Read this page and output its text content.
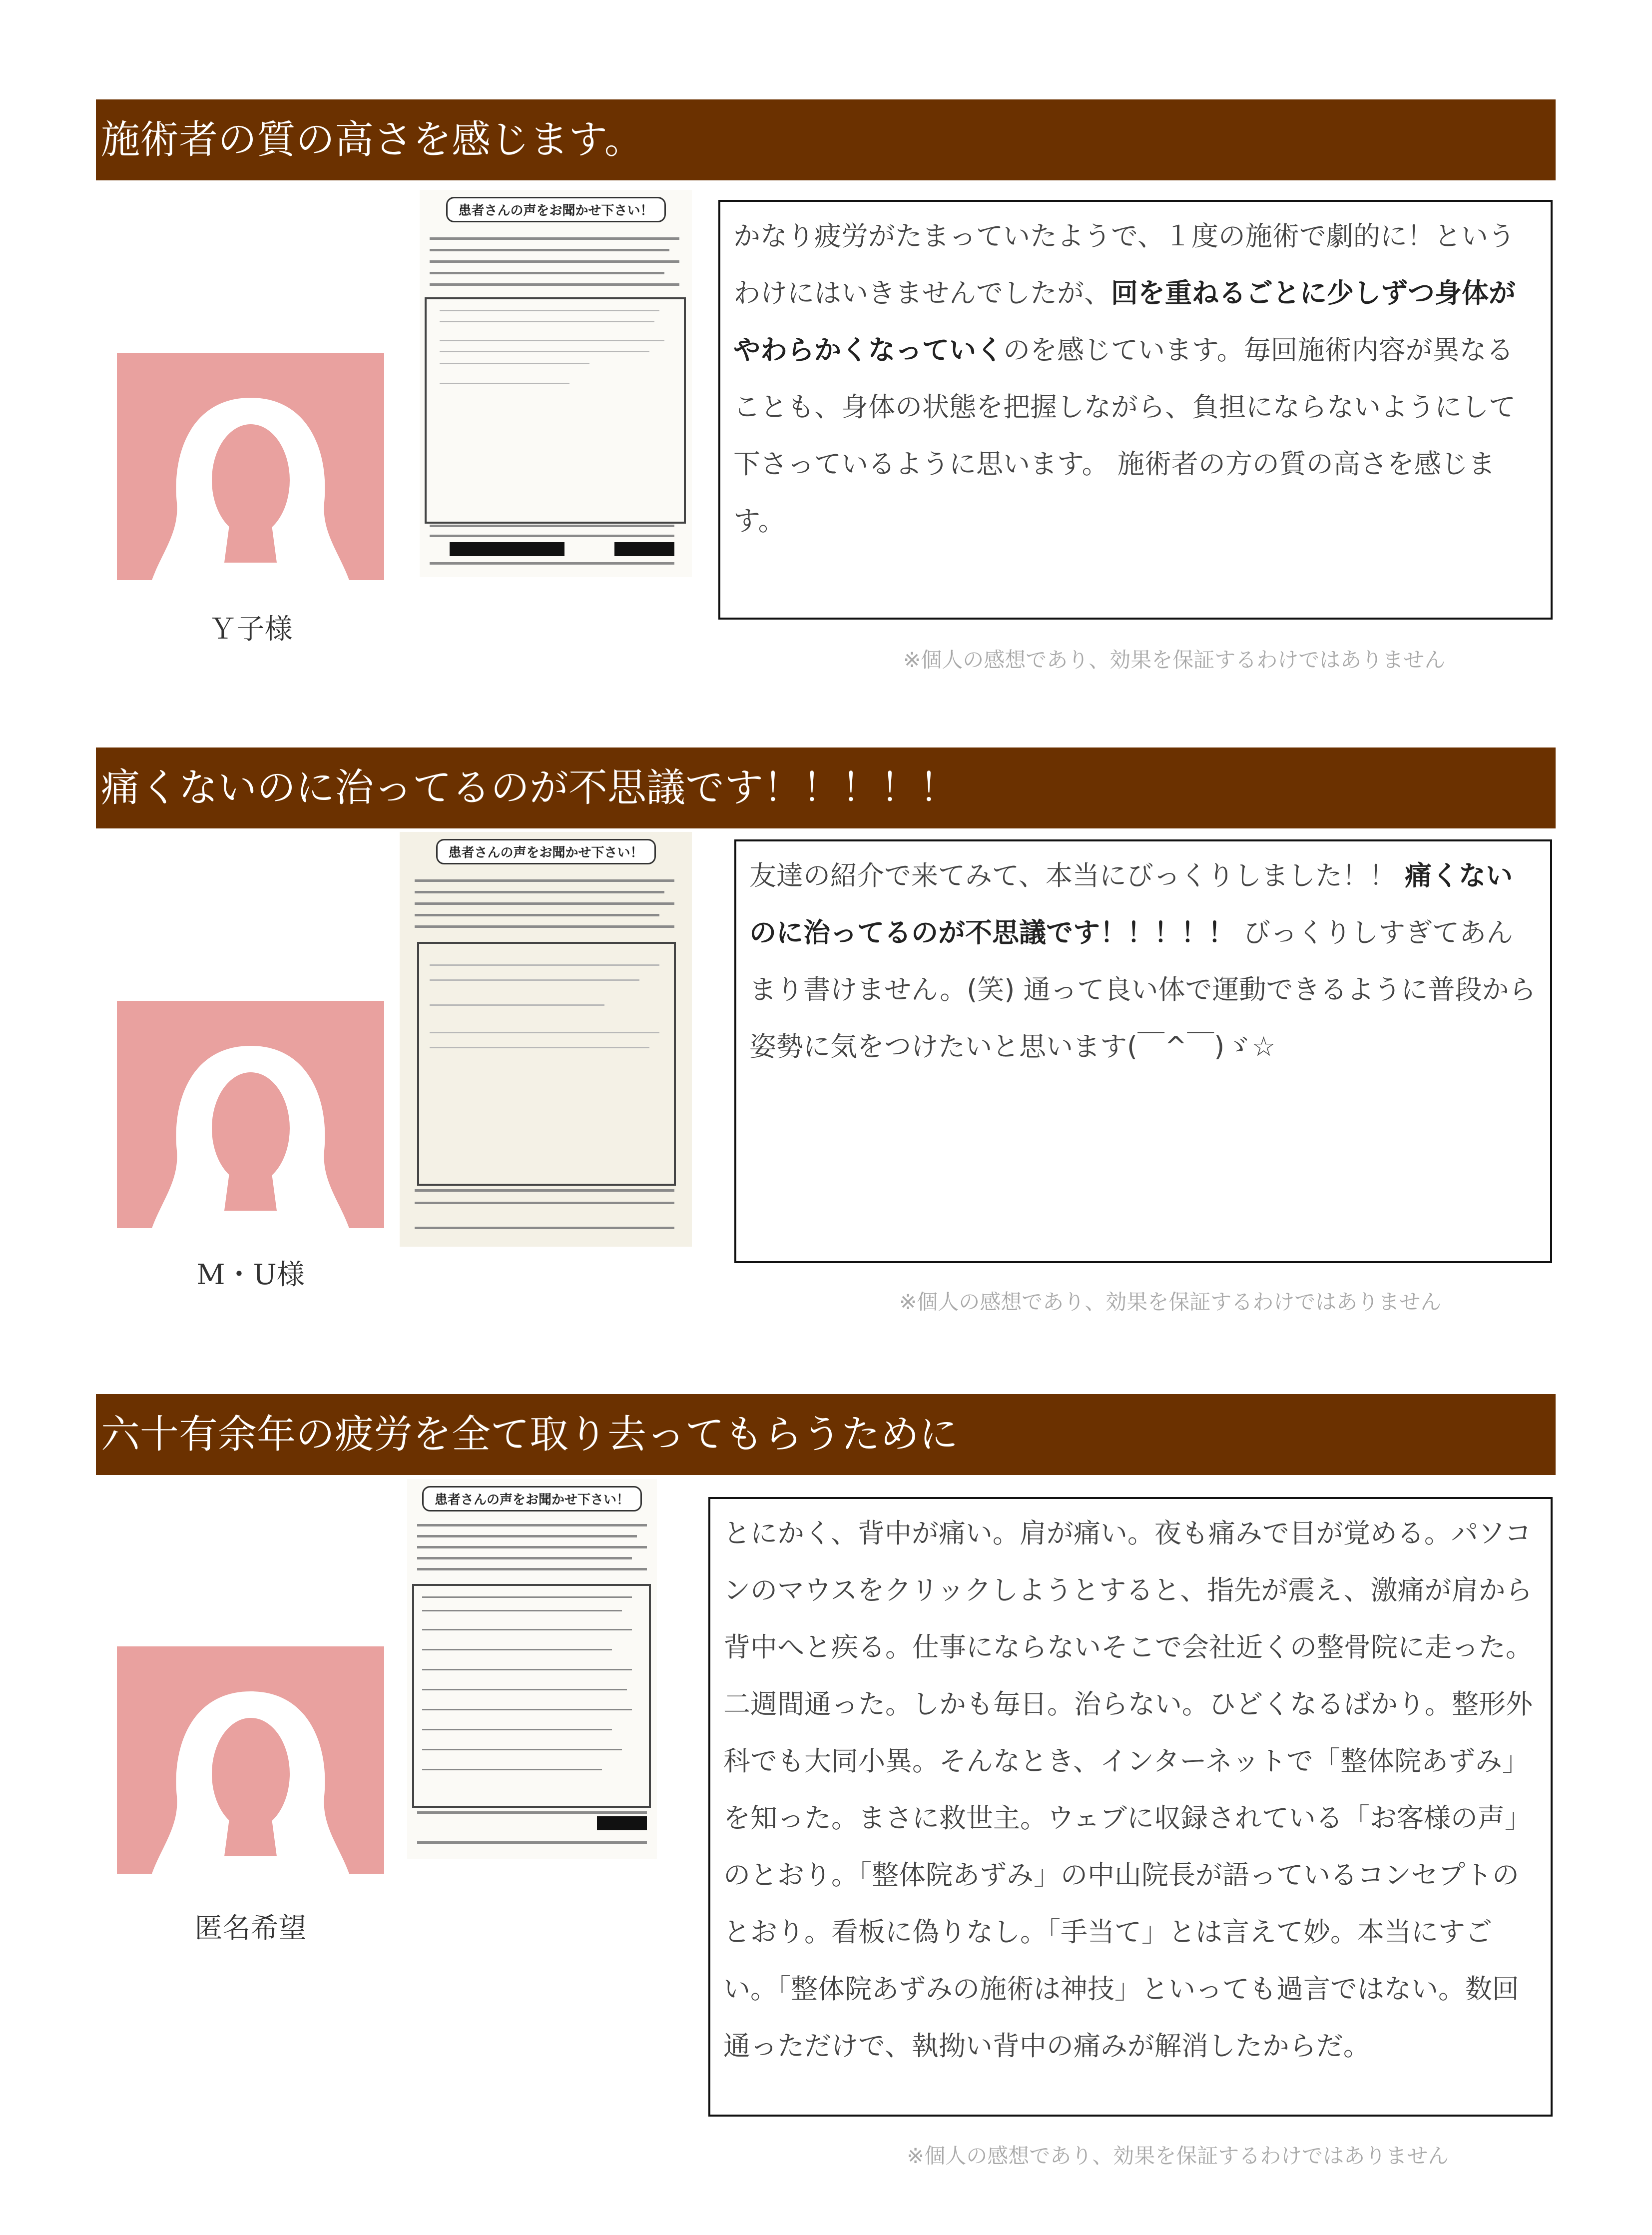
施術者の質の高さを感じます。
Ｙ子様
患者さんの声をお聞かせ下さい！
かなり疲労がたまっていたようで、１度の施術で劇的に！というわけにはいきませんでしたが、回を重ねるごとに少しずつ身体がやわらかくなっていくのを感じています。毎回施術内容が異なることも、身体の状態を把握しながら、負担にならないようにして下さっているように思います。 施術者の方の質の高さを感じます。
※個人の感想であり、効果を保証するわけではありません
痛くないのに治ってるのが不思議です！！！！！
M・U様
患者さんの声をお聞かせ下さい！
友達の紹介で来てみて、本当にびっくりしました！！ 痛くないのに治ってるのが不思議です！！！！！ びっくりしすぎてあんまり書けません。(笑) 通って良い体で運動できるように普段から姿勢に気をつけたいと思います(￣^￣)ゞ☆
※個人の感想であり、効果を保証するわけではありません
六十有余年の疲労を全て取り去ってもらうために
匿名希望
患者さんの声をお聞かせ下さい！
とにかく、背中が痛い。肩が痛い。夜も痛みで目が覚める。パソコンのマウスをクリックしようとすると、指先が震え、激痛が肩から背中へと疾る。仕事にならないそこで会社近くの整骨院に走った。二週間通った。しかも毎日。治らない。ひどくなるばかり。整形外科でも大同小異。そんなとき、インターネットで「整体院あずみ」を知った。まさに救世主。ウェブに収録されている「お客様の声」のとおり。「整体院あずみ」の中山院長が語っているコンセプトのとおり。看板に偽りなし。「手当て」とは言えて妙。本当にすごい。「整体院あずみの施術は神技」といっても過言ではない。数回通っただけで、執拗い背中の痛みが解消したからだ。
※個人の感想であり、効果を保証するわけではありません
